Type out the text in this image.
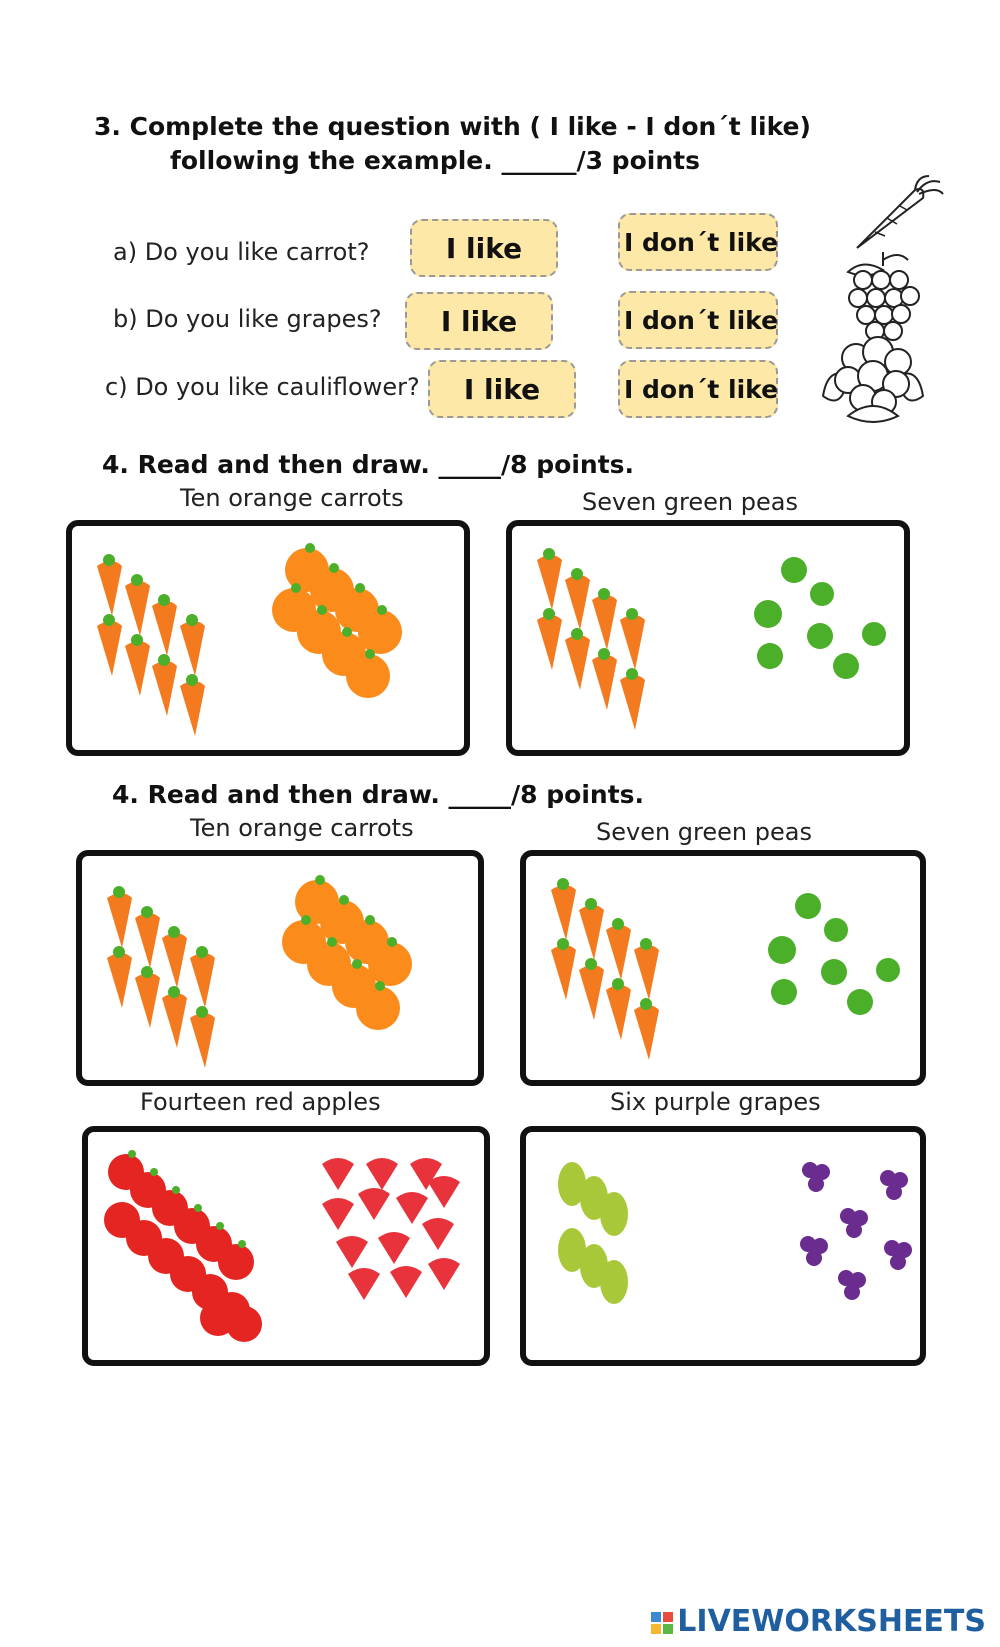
3. Complete the question with ( I like - I don´t like)
following the example. ______/3 points
a) Do you like carrot?	I like	I don´t like
b) Do you like grapes?	I like	I don´t like
c) Do you like cauliflower?	I like	I don´t like
4. Read and then draw. _____/8 points.
Ten orange carrots	Seven green peas
4. Read and then draw. _____/8 points.
Ten orange carrots	Seven green peas
Fourteen red apples	Six purple grapes
LIVEWORKSHEETS
